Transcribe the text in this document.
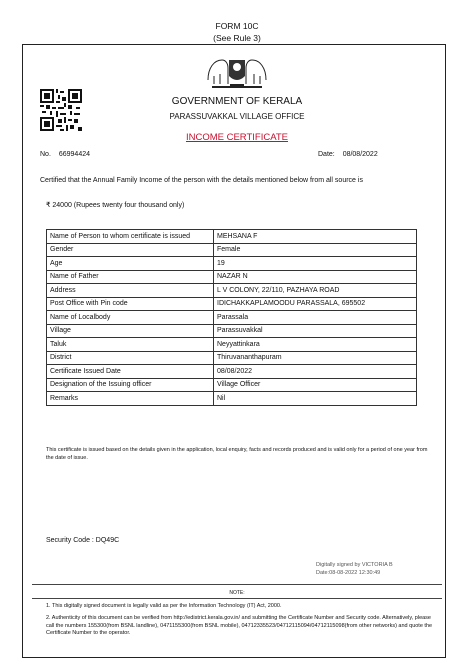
FORM 10C
(See Rule 3)
GOVERNMENT OF KERALA
PARASSUVAKKAL VILLAGE OFFICE
INCOME CERTIFICATE
No. 66994424	Date: 08/08/2022
Certified that the Annual Family Income of the person with the details mentioned below from all source is
₹ 24000 (Rupees twenty four thousand only)
Name of Person to whom certificate is issued	MEHSANA F
Gender	Female
Age	19
Name of Father	NAZAR N
Address	L V COLONY, 22/110, PAZHAYA ROAD
Post Office with Pin code	IDICHAKKAPLAMOODU PARASSALA, 695502
Name of Localbody	Parassala
Village	Parassuvakkal
Taluk	Neyyattinkara
District	Thiruvananthapuram
Certificate Issued Date	08/08/2022
Designation of the Issuing officer	Village Officer
Remarks	Nil
This certificate is issued based on the details given in the application, local enquiry, facts and records produced and is valid only for a period of one year from the date of issue.
Security Code : DQ49C
Digitally signed by VICTORIA B
Date:08-08-2022 12:30:49
NOTE:
1. This digitally signed document is legally valid as per the Information Technology (IT) Act, 2000.
2. Authenticity of this document can be verified from http://edistrict.kerala.gov.in/ and submitting the Certificate Number and Security code. Alternatively, please call the numbers 155300(from BSNL landline), 0471155300(from BSNL mobile), 04712335523/04712115094/04712115098(from other networks) and quote the Certificate Number to the operator.
